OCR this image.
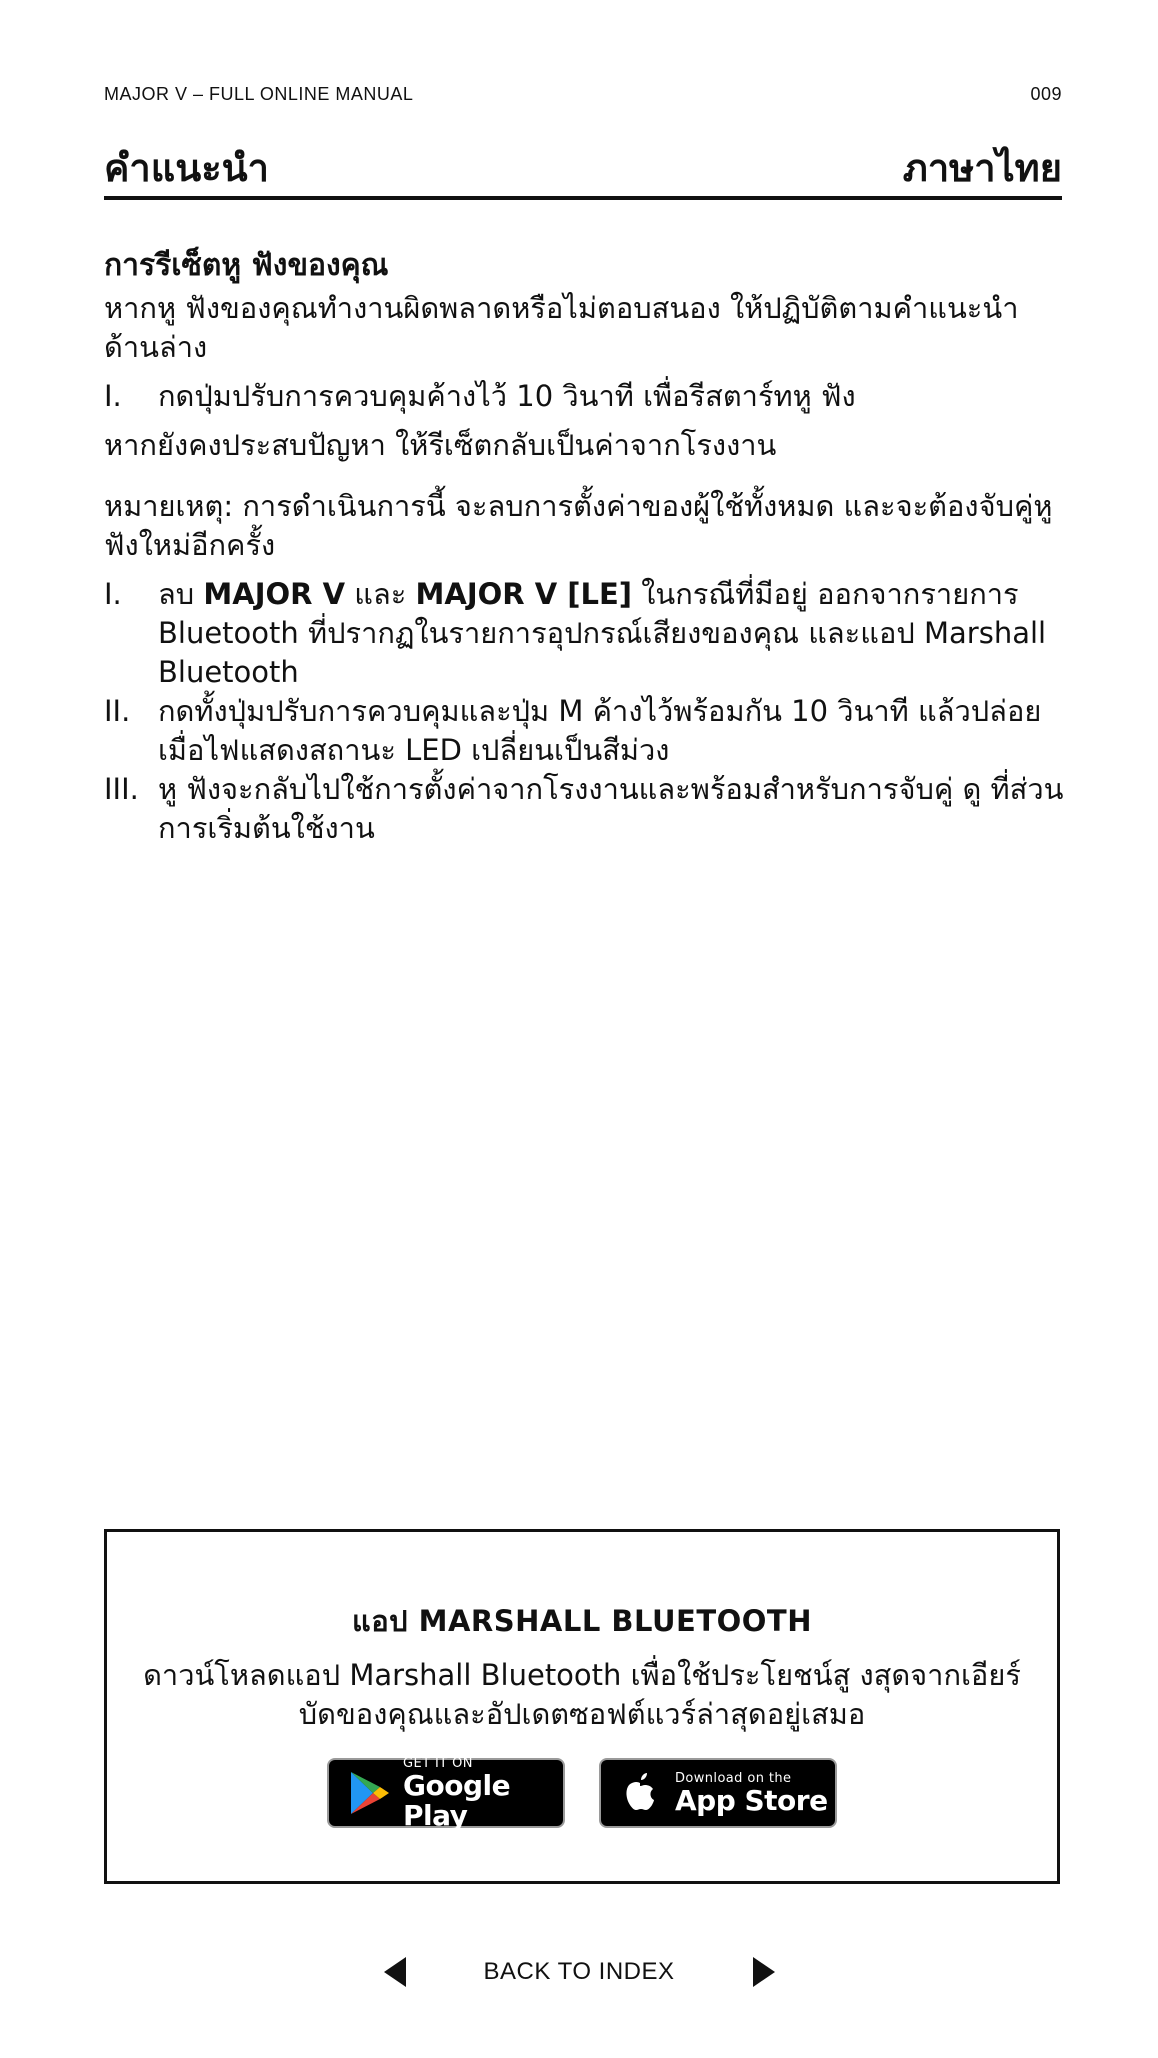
MAJOR V – FULL ONLINE MANUAL	009
คำแนะนำ	ภาษาไทย

การรีเซ็ตหู ฟังของคุณ

หากหู ฟังของคุณทำงานผิดพลาดหรือไม่ตอบสนอง ให้ปฏิบัติตามคำแนะนำด้านล่าง

I.	กดปุ่มปรับการควบคุมค้างไว้ 10 วินาที เพื่อรีสตาร์ทหู ฟัง

หากยังคงประสบปัญหา ให้รีเซ็ตกลับเป็นค่าจากโรงงาน

หมายเหตุ: การดำเนินการนี้ จะลบการตั้งค่าของผู้ใช้ทั้งหมด และจะต้องจับคู่หูฟังใหม่อีกครั้ง

I.	ลบ MAJOR V และ MAJOR V [LE] ในกรณีที่มีอยู่ ออกจากรายการ Bluetooth ที่ปรากฏในรายการอุปกรณ์เสียงของคุณ และแอป Marshall Bluetooth
II. กดทั้งปุ่มปรับการควบคุมและปุ่ม M ค้างไว้พร้อมกัน 10 วินาที แล้วปล่อยเมื่อไฟแสดงสถานะ LED เปลี่ยนเป็นสีม่วง
III. หู ฟังจะกลับไปใช้การตั้งค่าจากโรงงานและพร้อมสำหรับการจับคู่ ดู ที่ส่วนการเริ่มต้นใช้งาน
แอป MARSHALL BLUETOOTH
ดาวน์โหลดแอป Marshall Bluetooth เพื่อใช้ประโยชน์สู งสุดจากเอียร์บัดของคุณและอัปเดตซอฟต์แวร์ล่าสุดอยู่เสมอ
GET IT ON
Google Play
Download on the
App Store
BACK TO INDEX
